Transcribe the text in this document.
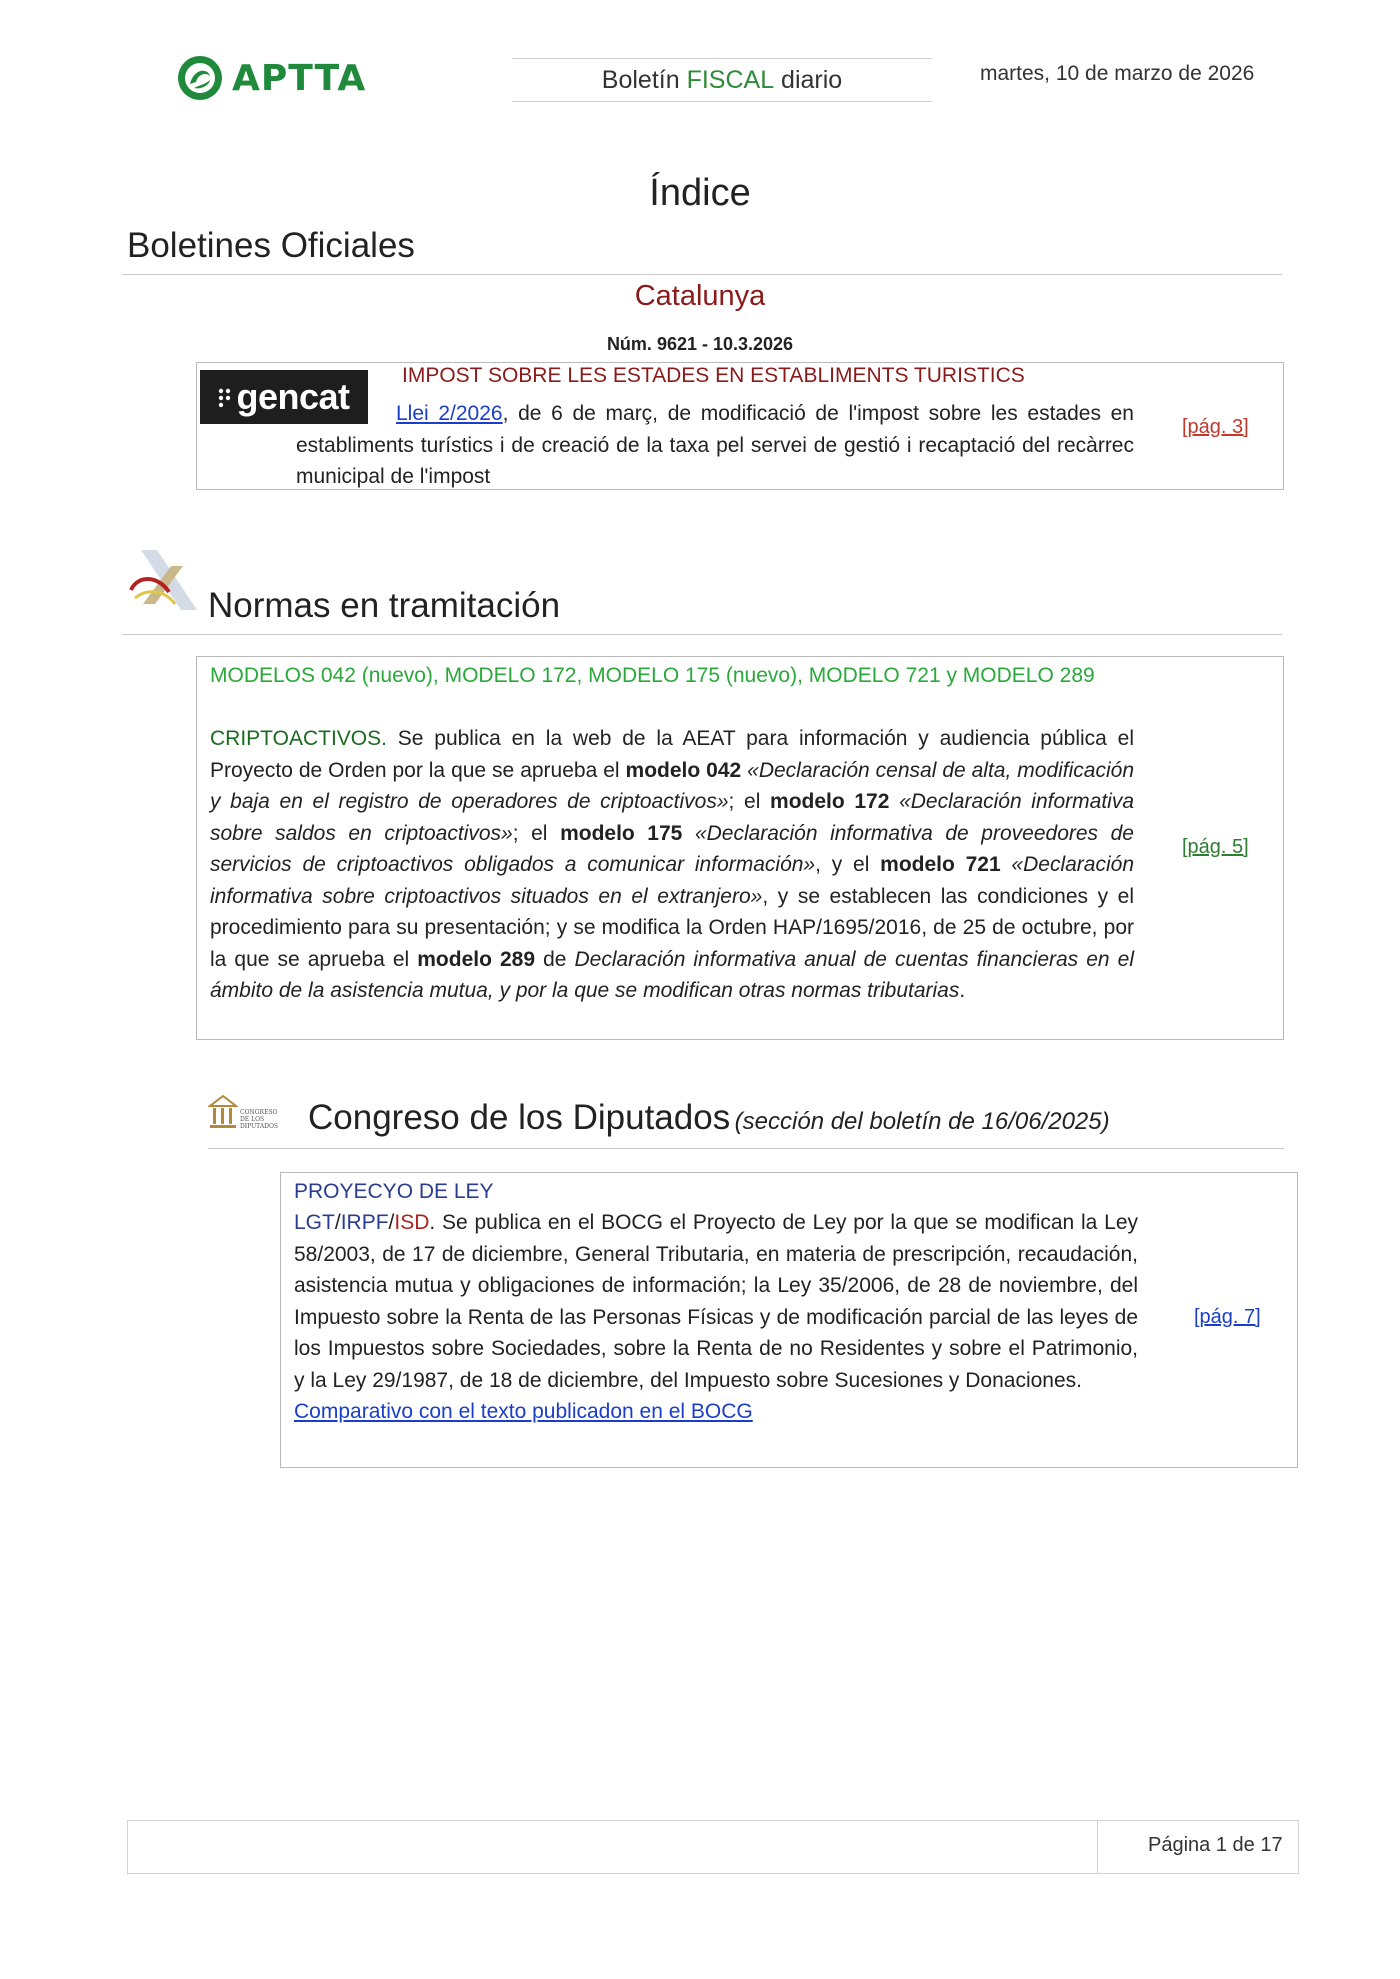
APTTA	Boletín FISCAL diario	martes, 10 de marzo de 2026
Índice
Boletines Oficiales
Catalunya
Núm. 9621 - 10.3.2026
gencat
IMPOST SOBRE LES ESTADES EN ESTABLIMENTS TURISTICS
Llei 2/2026, de 6 de març, de modificació de l'impost sobre les estades en establiments turístics i de creació de la taxa pel servei de gestió i recaptació del recàrrec municipal de l'impost
[pág. 3]
Normas en tramitación
MODELOS 042 (nuevo), MODELO 172, MODELO 175 (nuevo), MODELO 721 y MODELO 289
CRIPTOACTIVOS. Se publica en la web de la AEAT para información y audiencia pública el Proyecto de Orden por la que se aprueba el modelo 042 «Declaración censal de alta, modificación y baja en el registro de operadores de criptoactivos»; el modelo 172 «Declaración informativa sobre saldos en criptoactivos»; el modelo 175 «Declaración informativa de proveedores de servicios de criptoactivos obligados a comunicar información», y el modelo 721 «Declaración informativa sobre criptoactivos situados en el extranjero», y se establecen las condiciones y el procedimiento para su presentación; y se modifica la Orden HAP/1695/2016, de 25 de octubre, por la que se aprueba el modelo 289 de Declaración informativa anual de cuentas financieras en el ámbito de la asistencia mutua, y por la que se modifican otras normas tributarias.
[pág. 5]
CONGRESO DE LOS DIPUTADOS Congreso de los Diputados (sección del boletín de 16/06/2025)
PROYECYO DE LEY
LGT/IRPF/ISD. Se publica en el BOCG el Proyecto de Ley por la que se modifican la Ley 58/2003, de 17 de diciembre, General Tributaria, en materia de prescripción, recaudación, asistencia mutua y obligaciones de información; la Ley 35/2006, de 28 de noviembre, del Impuesto sobre la Renta de las Personas Físicas y de modificación parcial de las leyes de los Impuestos sobre Sociedades, sobre la Renta de no Residentes y sobre el Patrimonio, y la Ley 29/1987, de 18 de diciembre, del Impuesto sobre Sucesiones y Donaciones.
Comparativo con el texto publicadon en el BOCG
[pág. 7]
Página 1 de 17
